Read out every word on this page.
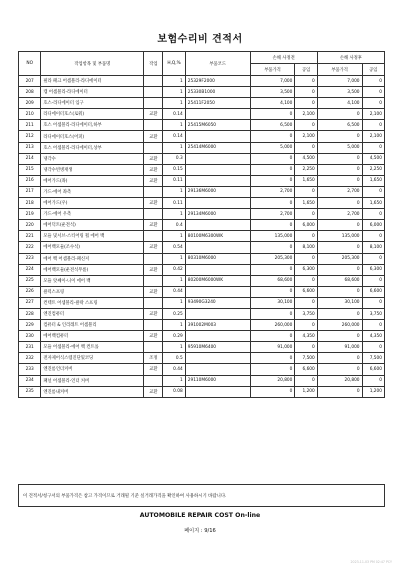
보험수리비 견적서
NO	작업항목 및 부품명	작업	H,Q,%	부품코드	손해 사정전		손해 사정후	
					부품가격	공임	부품가격	공임
207	필라 패크 어셈블리-라디에이터		1	25329F2000	7,000	0	7,000	0
208	캡 어셈블리-라디에이터		1	25330B1000	3,500	0	3,500	0
209	호스-라디에이터 입구		1	25411F2050	4,100	0	4,100	0
210	라디에이터호스(로워)	교환	0.14		0	2,100	0	2,100
211	호스 어셈블리-라디에이터,하부		1	25415M6050	6,500	0	6,500	0
212	라디에이터호스(어퍼)	교환	0.14		0	2,100	0	2,100
213	호스 어셈블리-라디에이터,상부		1	25414M6000	5,000	0	5,000	0
214	냉각수	교환	0.3		0	4,500	0	4,500
215	냉각수빈병재생	교환	0.15		0	2,250	0	2,250
216	에어가드(좌)	교환	0.11		0	1,650	0	1,650
217	가드-에어 좌측		1	29136M6000	2,700	0	2,700	0
218	에어가드(우)	교환	0.11		0	1,650	0	1,650
219	가드-에어 우측		1	29134M6000	2,700	0	2,700	0
220	에어덕트(운전석)	교환	0.4		0	6,000	0	6,000
221	모듈 및서브-스티어링 휠 에어 백		1	80100M6300WK	135,000	0	135,000	0
222	에어백모듈(조수석)	교환	0.54		0	8,100	0	8,100
223	에어 백 어셈블리-패신저		1	80310M6000	205,300	0	205,300	0
224	에어백모듈(운전석무릎)	교환	0.42		0	6,300	0	6,300
225	모듈 앗쎄이-니이 에어 백		1	80200M6000WK	68,600	0	68,600	0
226	클럭스프링	교환	0.44		0	6,600	0	6,600
227	컨텍트 어셈블리-클락 스프링		1	93490G3240	30,100	0	30,100	0
228	엔진컴퓨터	교환	0.25		0	3,750	0	3,750
229	컴퓨터 & 인리레트 어셈블리		1	391002M003	260,000	0	260,000	0
230	에어백컴퓨터	교환	0.29		0	4,350	0	4,350
231	모듈 어셈블리-에어 백 컨트롤		1	95910M6400	91,000	0	91,000	0
232	전자제어식스템진단및코딩	조정	0.5		0	7,500	0	7,500
233	엔진룸언더커버	교환	0.44		0	6,600	0	6,600
234	패널 어셈블리-언더 커버		1	29110M6000	20,800	0	20,800	0
235	엔진룸내커버	교환	0.08		0	1,200	0	1,200
이 견적서/청구서의 부품가격은 참고 가격이므로 거래될 기준 실거래가격을 확인하여 사용하시기 바랍니다.
AUTOMOBILE REPAIR COST On-line
페이지 : 9/16
2023-11-03 PM 02:47 PCY
